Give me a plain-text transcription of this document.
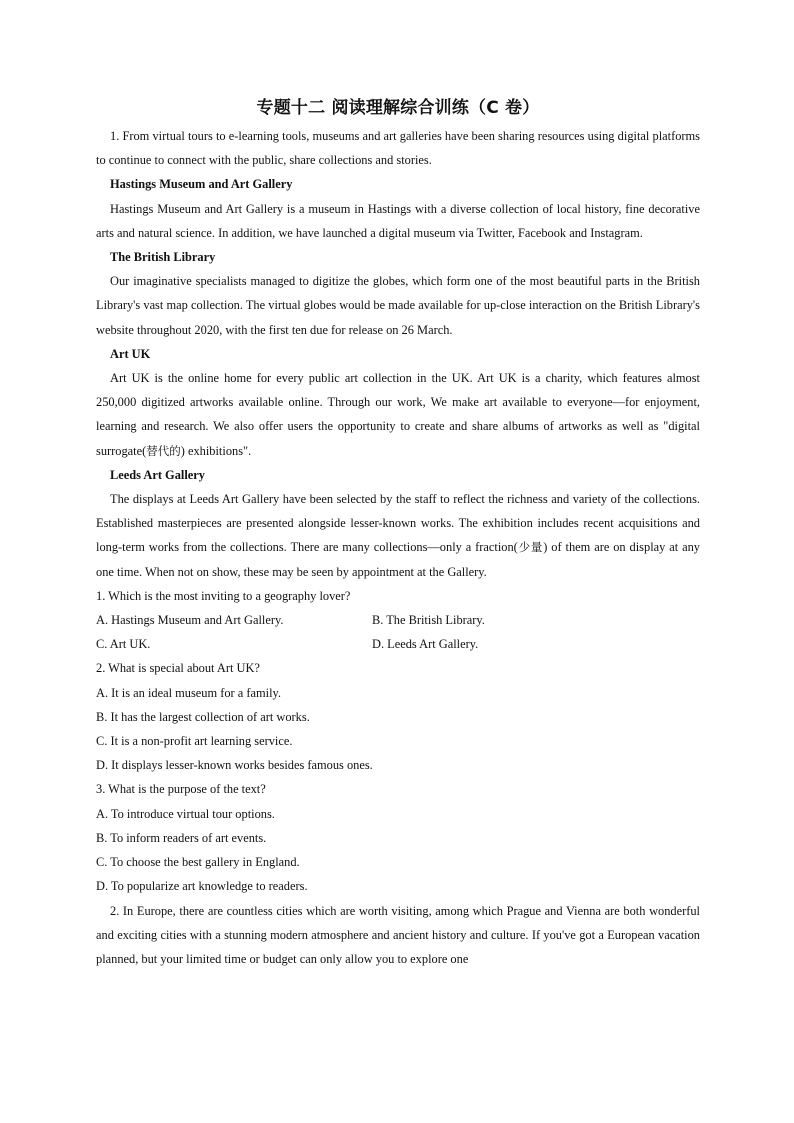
专题十二 阅读理解综合训练（C 卷）

1. From virtual tours to e-learning tools, museums and art galleries have been sharing resources using digital platforms to continue to connect with the public, share collections and stories.

Hastings Museum and Art Gallery

Hastings Museum and Art Gallery is a museum in Hastings with a diverse collection of local history, fine decorative arts and natural science. In addition, we have launched a digital museum via Twitter, Facebook and Instagram.

The British Library

Our imaginative specialists managed to digitize the globes, which form one of the most beautiful parts in the British Library's vast map collection. The virtual globes would be made available for up-close interaction on the British Library's website throughout 2020, with the first ten due for release on 26 March.

Art UK

Art UK is the online home for every public art collection in the UK. Art UK is a charity, which features almost 250,000 digitized artworks available online. Through our work, We make art available to everyone—for enjoyment, learning and research. We also offer users the opportunity to create and share albums of artworks as well as "digital surrogate(替代的) exhibitions".

Leeds Art Gallery

The displays at Leeds Art Gallery have been selected by the staff to reflect the richness and variety of the collections. Established masterpieces are presented alongside lesser-known works. The exhibition includes recent acquisitions and long-term works from the collections. There are many collections—only a fraction(少量) of them are on display at any one time. When not on show, these may be seen by appointment at the Gallery.

1. Which is the most inviting to a geography lover?

A. Hastings Museum and Art Gallery.	B. The British Library.
C. Art UK.	D. Leeds Art Gallery.

2. What is special about Art UK?

A. It is an ideal museum for a family.

B. It has the largest collection of art works.

C. It is a non-profit art learning service.

D. It displays lesser-known works besides famous ones.

3. What is the purpose of the text?

A. To introduce virtual tour options.

B. To inform readers of art events.

C. To choose the best gallery in England.

D. To popularize art knowledge to readers.

2. In Europe, there are countless cities which are worth visiting, among which Prague and Vienna are both wonderful and exciting cities with a stunning modern atmosphere and ancient history and culture. If you've got a European vacation planned, but your limited time or budget can only allow you to explore one
